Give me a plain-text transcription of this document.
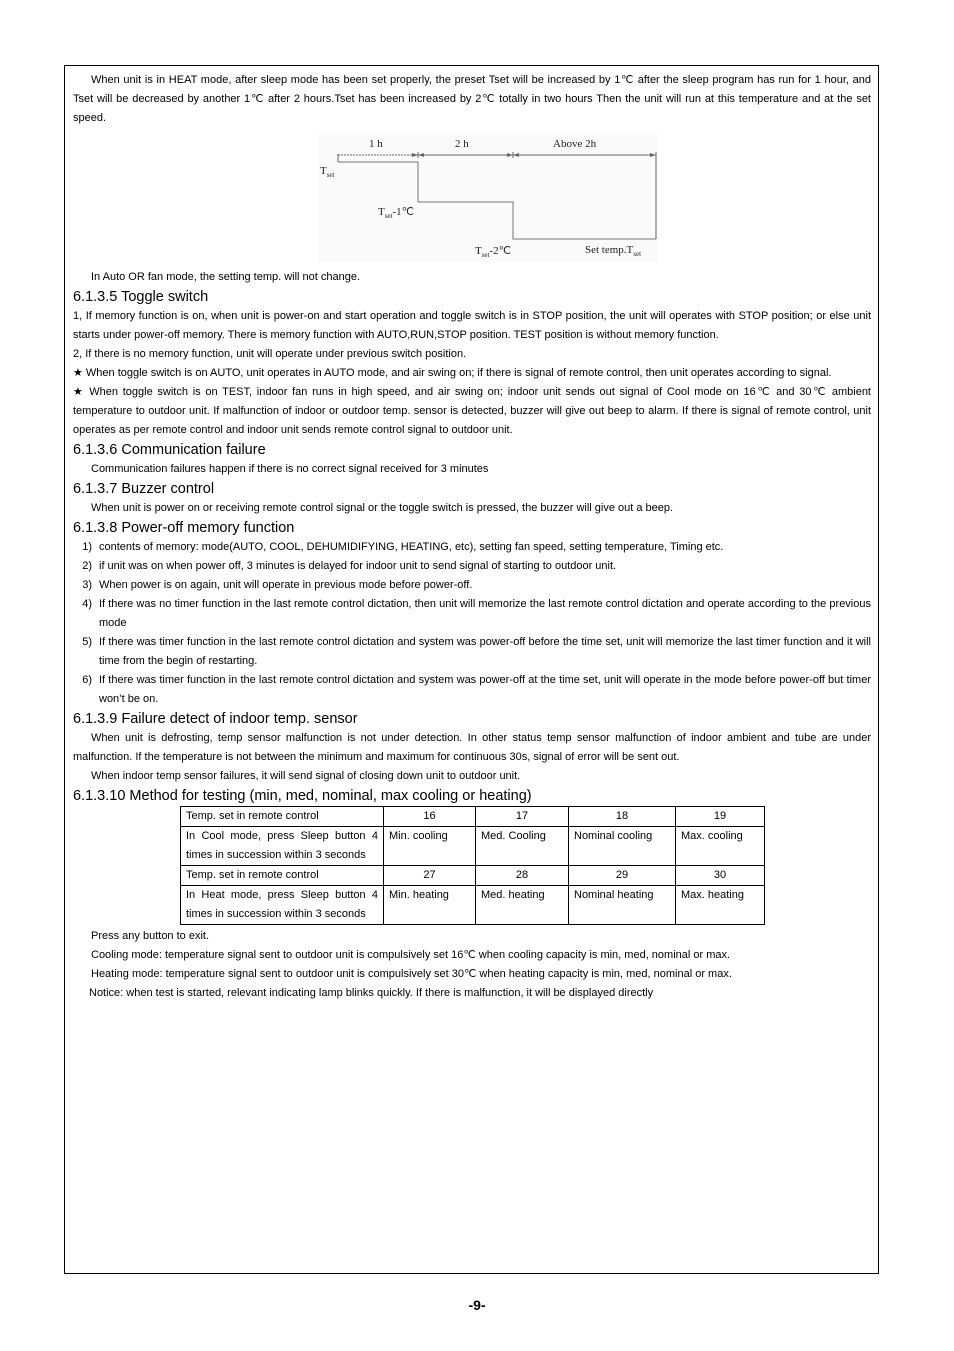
When unit is in HEAT mode, after sleep mode has been set properly, the preset Tset will be increased by 1℃ after the sleep program has run for 1 hour, and Tset will be decreased by another 1℃ after 2 hours.Tset has been increased by 2℃ totally in two hours Then the unit will run at this temperature and at the set speed.

1 h	2 h	Above 2h
$T_{set}$
$T_{set}-1℃$
$T_{set}-2℃$	Set $temp.T_{set}$

In Auto OR fan mode, the setting temp. will not change.

6.1.3.5 Toggle switch

1, If memory function is on, when unit is power-on and start operation and toggle switch is in STOP position, the unit will operates with STOP position; or else unit starts under power-off memory. There is memory function with AUTO,RUN,STOP position. TEST position is without memory function.

2, If there is no memory function, unit will operate under previous switch position.

★ When toggle switch is on AUTO, unit operates in AUTO mode, and air swing on; if there is signal of remote control, then unit operates according to signal.

★ When toggle switch is on TEST, indoor fan runs in high speed, and air swing on; indoor unit sends out signal of Cool mode on 16℃ and 30℃ ambient temperature to outdoor unit. If malfunction of indoor or outdoor temp. sensor is detected, buzzer will give out beep to alarm. If there is signal of remote control, unit operates as per remote control and indoor unit sends remote control signal to outdoor unit.

6.1.3.6 Communication failure

Communication failures happen if there is no correct signal received for 3 minutes

6.1.3.7 Buzzer control

When unit is power on or receiving remote control signal or the toggle switch is pressed, the buzzer will give out a beep.

6.1.3.8 Power-off memory function
1) contents of memory: mode(AUTO, COOL, DEHUMIDIFYING, HEATING, etc), setting fan speed, setting temperature, Timing etc.
2) if unit was on when power off, 3 minutes is delayed for indoor unit to send signal of starting to outdoor unit.
3) When power is on again, unit will operate in previous mode before power-off.
4) If there was no timer function in the last remote control dictation, then unit will memorize the last remote control dictation and operate according to the previous mode
5) If there was timer function in the last remote control dictation and system was power-off before the time set, unit will memorize the last timer function and it will time from the begin of restarting.
6) If there was timer function in the last remote control dictation and system was power-off at the time set, unit will operate in the mode before power-off but timer won’t be on.
6.1.3.9 Failure detect of indoor temp. sensor

When unit is defrosting, temp sensor malfunction is not under detection. In other status temp sensor malfunction of indoor ambient and tube are under malfunction. If the temperature is not between the minimum and maximum for continuous 30s, signal of error will be sent out.

When indoor temp sensor failures, it will send signal of closing down unit to outdoor unit.

6.1.3.10 Method for testing (min, med, nominal, max cooling or heating)
Temp. set in remote control	16	17	18	19
In Cool mode, press Sleep button 4 times in succession within 3 seconds	Min. cooling	Med. Cooling	Nominal cooling	Max. cooling
Temp. set in remote control	27	28	29	30
In Heat mode, press Sleep button 4 times in succession within 3 seconds	Min. heating	Med. heating	Nominal heating	Max. heating

Press any button to exit.

Cooling mode: temperature signal sent to outdoor unit is compulsively set 16℃ when cooling capacity is min, med, nominal or max.

Heating mode: temperature signal sent to outdoor unit is compulsively set 30℃ when heating capacity is min, med, nominal or max.

Notice: when test is started, relevant indicating lamp blinks quickly. If there is malfunction, it will be displayed directly

-9-
